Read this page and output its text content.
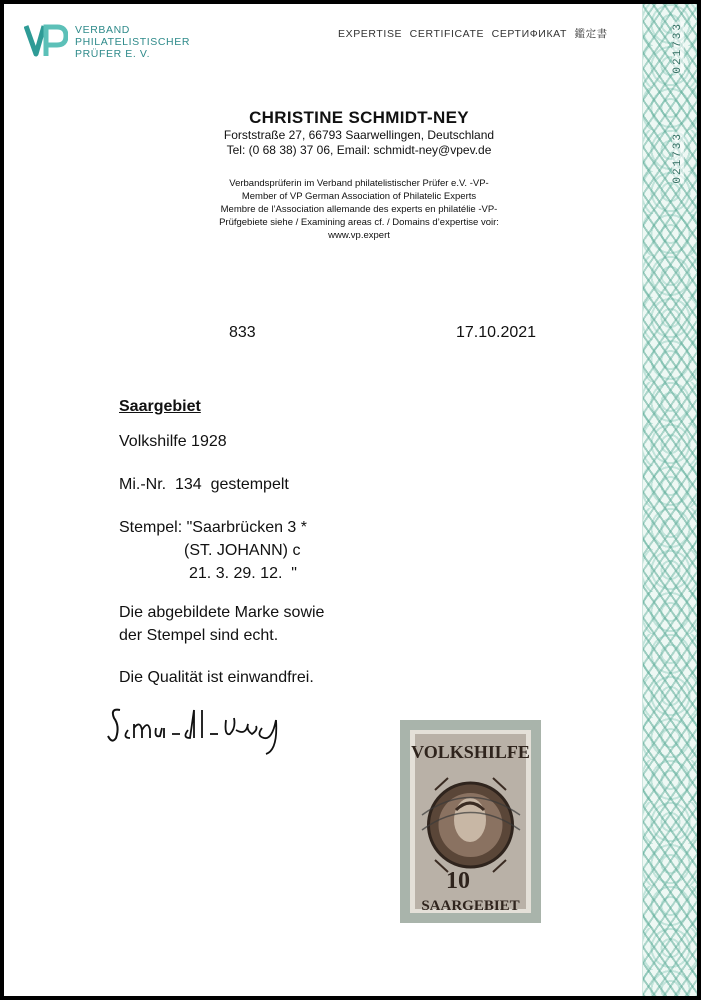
021733
021733
VERBAND
PHILATELISTISCHER
PRÜFER E. V.
EXPERTISE CERTIFICATE СЕРТИФИКАТ 鑑定書
CHRISTINE SCHMIDT-NEY
Forststraße 27, 66793 Saarwellingen, Deutschland
Tel: (0 68 38) 37 06, Email: schmidt-ney@vpev.de
Verbandsprüferin im Verband philatelistischer Prüfer e.V. -VP-
Member of VP German Association of Philatelic Experts
Membre de l’Association allemande des experts en philatélie -VP-
Prüfgebiete siehe / Examining areas cf. / Domains d’expertise voir:
www.vp.expert
833	17.10.2021
Saargebiet
Volkshilfe 1928
Mi.-Nr.  134  gestempelt
Stempel: "Saarbrücken 3 *
(ST. JOHANN) c
21. 3. 29. 12.  "
Die abgebildete Marke sowie
der Stempel sind echt.
Die Qualität ist einwandfrei.
VOLKSHILFE
10
SAARGEBIET
